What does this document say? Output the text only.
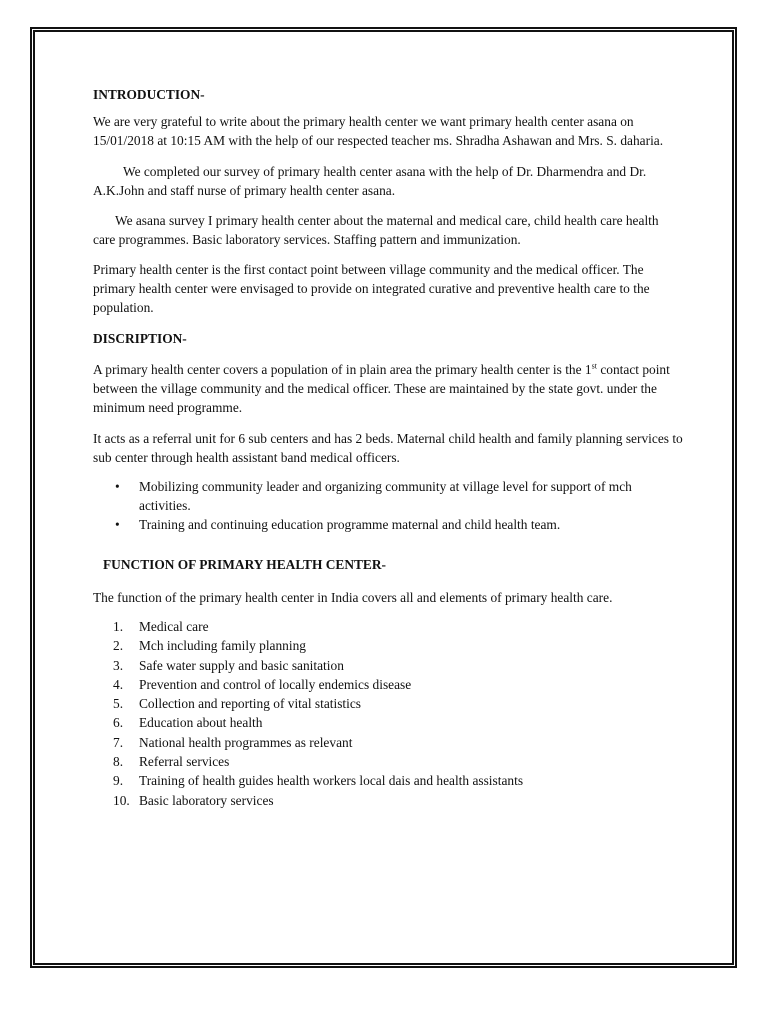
INTRODUCTION-

We are very grateful to write about the primary health center we want primary health center asana on 15/01/2018 at 10:15 AM with the help of our respected teacher ms. Shradha Ashawan and Mrs. S. daharia.

We completed our survey of primary health center asana with the help of Dr. Dharmendra and Dr. A.K.John and staff nurse of primary health center asana.

We asana survey I primary health center about the maternal and medical care, child health care health care programmes. Basic laboratory services. Staffing pattern and immunization.

Primary health center is the first contact point between village community and the medical officer. The primary health center were envisaged to provide on integrated curative and preventive health care to the population.

DISCRIPTION-

A primary health center covers a population of in plain area the primary health center is the 1st contact point between the village community and the medical officer. These are maintained by the state govt. under the minimum need programme.

It acts as a referral unit for 6 sub centers and has 2 beds. Maternal child health and family planning services to sub center through health assistant band medical officers.

• Mobilizing community leader and organizing community at village level for support of mch activities.
• Training and continuing education programme maternal and child health team.
FUNCTION OF PRIMARY HEALTH CENTER-

The function of the primary health center in India covers all and elements of primary health care.

1.	Medical care
2.	Mch including family planning
3.	Safe water supply and basic sanitation
4.	Prevention and control of locally endemics disease
5.	Collection and reporting of vital statistics
6.	Education about health
7.	National health programmes as relevant
8.	Referral services
9.	Training of health guides health workers local dais and health assistants
10. Basic laboratory services
